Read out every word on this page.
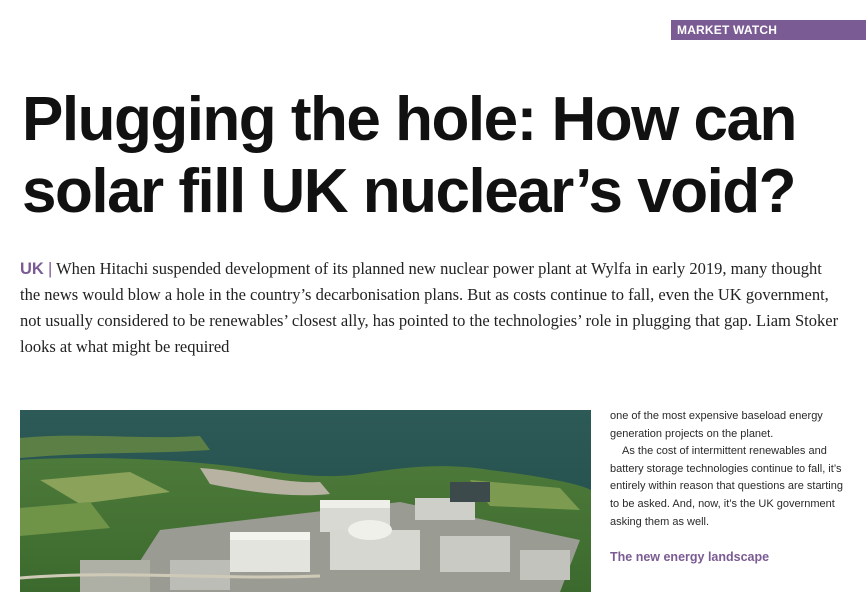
MARKET WATCH
Plugging the hole: How can solar fill UK nuclear’s void?

UK | When Hitachi suspended development of its planned new nuclear power plant at Wylfa in early 2019, many thought the news would blow a hole in the country’s decarbonisation plans. But as costs continue to fall, even the UK government, not usually considered to be renewables’ closest ally, has pointed to the technologies’ role in plugging that gap. Liam Stoker looks at what might be required

one of the most expensive baseload energy generation projects on the planet.

As the cost of intermittent renewables and battery storage technologies continue to fall, it’s entirely within reason that questions are starting to be asked. And, now, it’s the UK government asking them as well.

The new energy landscape
